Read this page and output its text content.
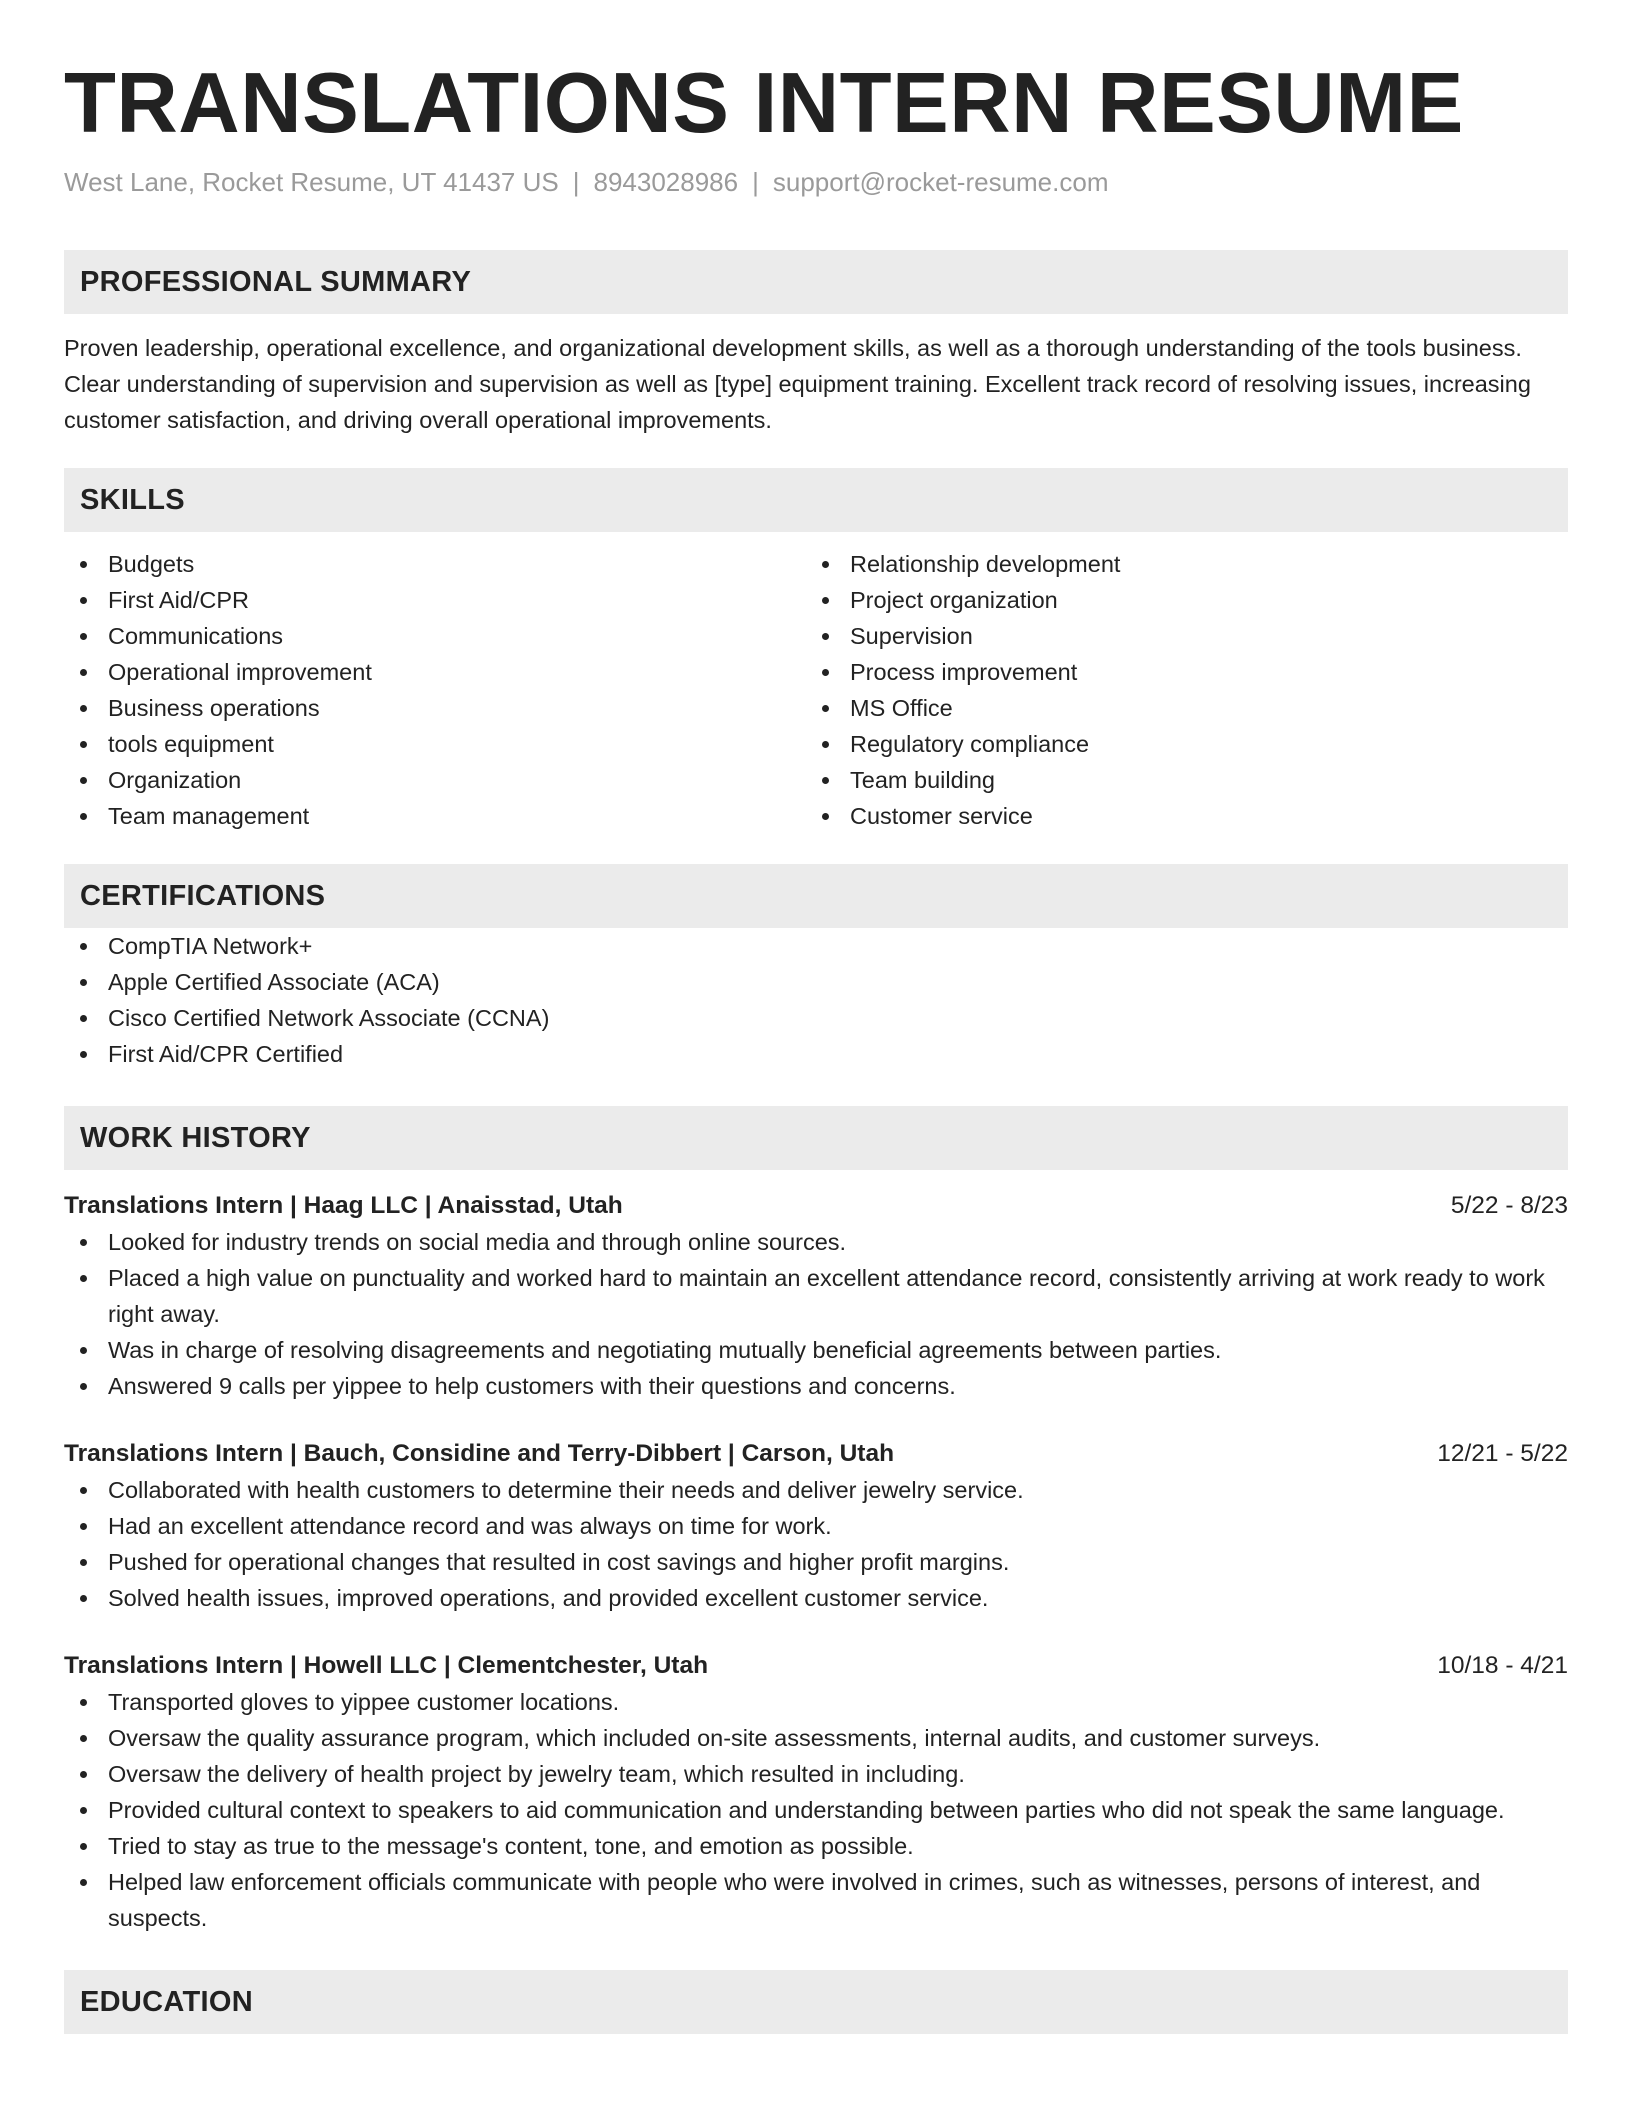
TRANSLATIONS INTERN RESUME
West Lane, Rocket Resume, UT 41437 US | 8943028986 | support@rocket-resume.com
PROFESSIONAL SUMMARY
Proven leadership, operational excellence, and organizational development skills, as well as a thorough understanding of the tools business. Clear understanding of supervision and supervision as well as [type] equipment training. Excellent track record of resolving issues, increasing customer satisfaction, and driving overall operational improvements.
SKILLS
Budgets
First Aid/CPR
Communications
Operational improvement
Business operations
tools equipment
Organization
Team management
Relationship development
Project organization
Supervision
Process improvement
MS Office
Regulatory compliance
Team building
Customer service
CERTIFICATIONS
CompTIA Network+
Apple Certified Associate (ACA)
Cisco Certified Network Associate (CCNA)
First Aid/CPR Certified
WORK HISTORY
Translations Intern | Haag LLC | Anaisstad, Utah	5/22 - 8/23
Looked for industry trends on social media and through online sources.
Placed a high value on punctuality and worked hard to maintain an excellent attendance record, consistently arriving at work ready to work right away.
Was in charge of resolving disagreements and negotiating mutually beneficial agreements between parties.
Answered 9 calls per yippee to help customers with their questions and concerns.
Translations Intern | Bauch, Considine and Terry-Dibbert | Carson, Utah	12/21 - 5/22
Collaborated with health customers to determine their needs and deliver jewelry service.
Had an excellent attendance record and was always on time for work.
Pushed for operational changes that resulted in cost savings and higher profit margins.
Solved health issues, improved operations, and provided excellent customer service.
Translations Intern | Howell LLC | Clementchester, Utah	10/18 - 4/21
Transported gloves to yippee customer locations.
Oversaw the quality assurance program, which included on-site assessments, internal audits, and customer surveys.
Oversaw the delivery of health project by jewelry team, which resulted in including.
Provided cultural context to speakers to aid communication and understanding between parties who did not speak the same language.
Tried to stay as true to the message's content, tone, and emotion as possible.
Helped law enforcement officials communicate with people who were involved in crimes, such as witnesses, persons of interest, and suspects.
EDUCATION
